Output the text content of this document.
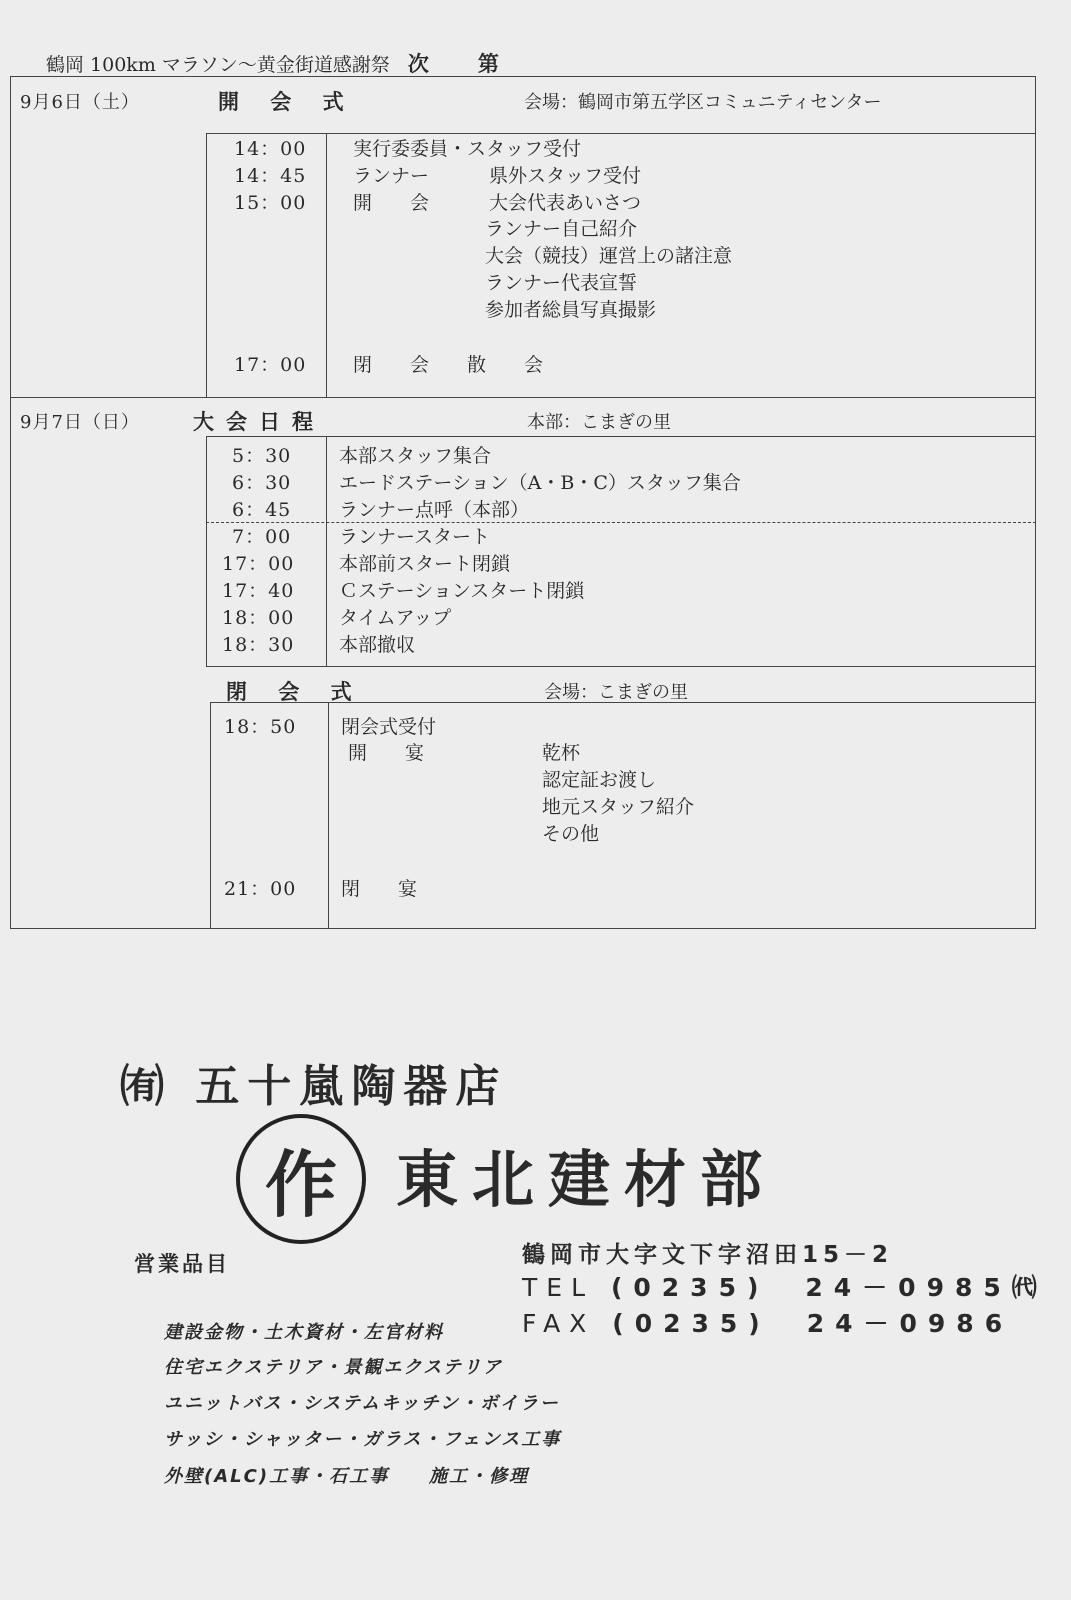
鶴岡 100km マラソン〜黄金街道感謝祭 次　第
9月6日（土）	開 会 式	会場：鶴岡市第五学区コミュニティセンター
14：00 実行委委員・スタッフ受付
14：45 ランナー	県外スタッフ受付
15：00 開　　会	大会代表あいさつ
ランナー自己紹介
大会（競技）運営上の諸注意
ランナー代表宣誓
参加者総員写真撮影
17：00 閉　　会　　散　　会
9月7日（日）	大会日程	本部：こまぎの里
5：30	本部スタッフ集合
6：30	エードステーション（A・B・C）スタッフ集合
6：45	ランナー点呼（本部）
7：00	ランナースタート
17：00 本部前スタート閉鎖
17：40 Ｃステーションスタート閉鎖
18：00 タイムアップ
18：30 本部撤収
閉 会 式	会場：こまぎの里
18：50 閉会式受付
開　　宴	乾杯
認定証お渡し
地元スタッフ紹介
その他
21：00 閉　　宴
㈲ 五十嵐陶器店
作 東北建材部
営業品目	鶴岡市大字文下字沼田15－2
TEL (0235)　24－0985㈹
FAX (0235)　24－0986
建設金物・土木資材・左官材料
住宅エクステリア・景観エクステリア
ユニットバス・システムキッチン・ボイラー
サッシ・シャッター・ガラス・フェンス工事
外壁(ALC)工事・石工事　　施工・修理
